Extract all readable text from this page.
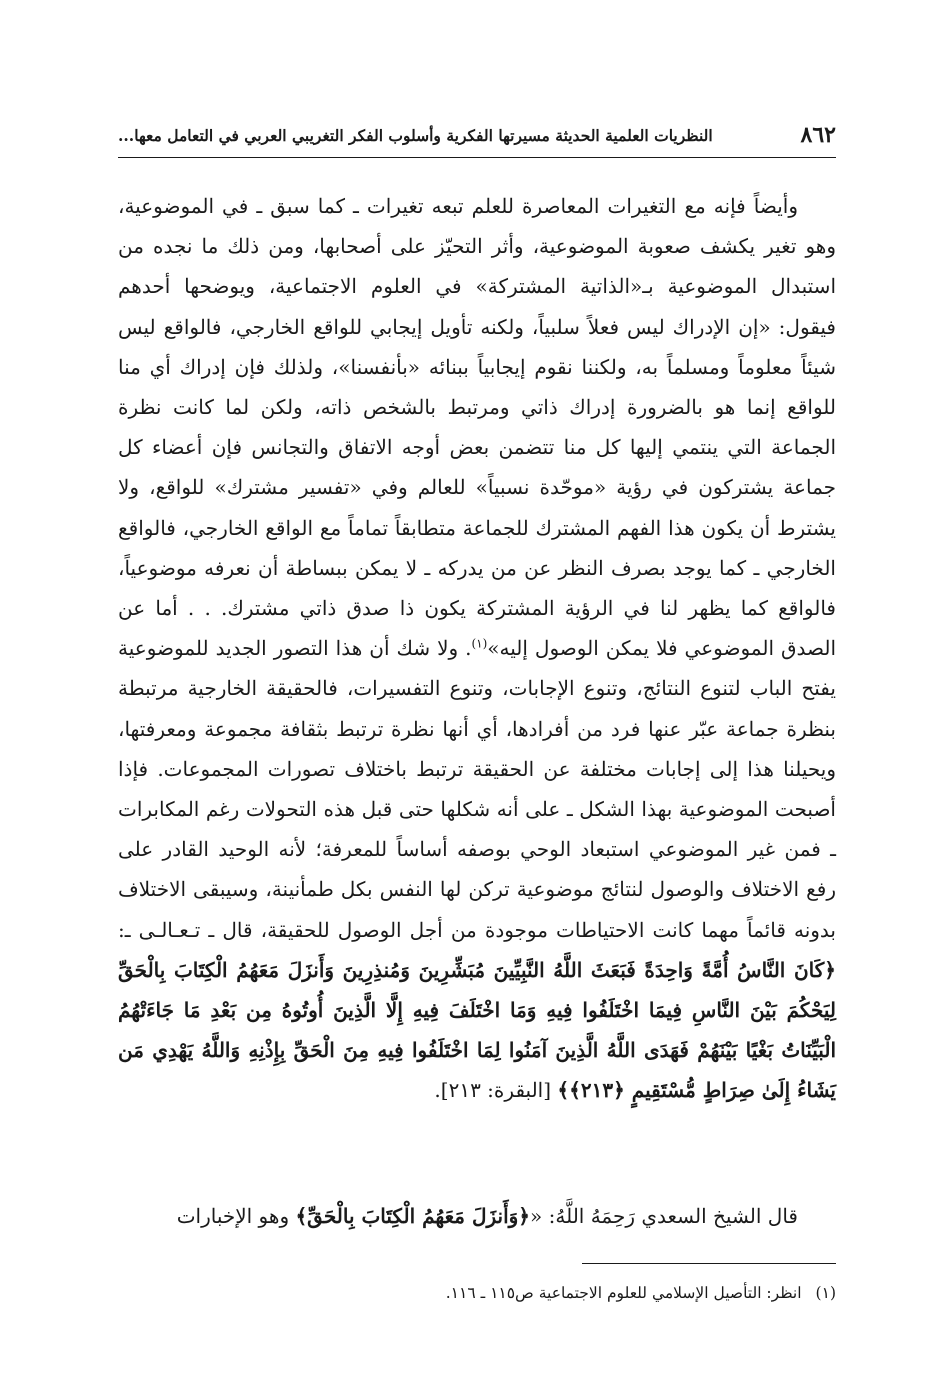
٨٦٢
النظريات العلمية الحديثة مسيرتها الفكرية وأسلوب الفكر التغريبي العربي في التعامل معها...

وأيضاً فإنه مع التغيرات المعاصرة للعلم تبعه تغيرات ـ كما سبق ـ في الموضوعية، وهو تغير يكشف صعوبة الموضوعية، وأثر التحيّز على أصحابها، ومن ذلك ما نجده من استبدال الموضوعية بـ«الذاتية المشتركة» في العلوم الاجتماعية، ويوضحها أحدهم فيقول: «إن الإدراك ليس فعلاً سلبياً، ولكنه تأويل إيجابي للواقع الخارجي، فالواقع ليس شيئاً معلوماً ومسلماً به، ولكننا نقوم إيجابياً ببنائه «بأنفسنا»، ولذلك فإن إدراك أي منا للواقع إنما هو بالضرورة إدراك ذاتي ومرتبط بالشخص ذاته، ولكن لما كانت نظرة الجماعة التي ينتمي إليها كل منا تتضمن بعض أوجه الاتفاق والتجانس فإن أعضاء كل جماعة يشتركون في رؤية «موحّدة نسبياً» للعالم وفي «تفسير مشترك» للواقع، ولا يشترط أن يكون هذا الفهم المشترك للجماعة متطابقاً تماماً مع الواقع الخارجي، فالواقع الخارجي ـ كما يوجد بصرف النظر عن من يدركه ـ لا يمكن ببساطة أن نعرفه موضوعياً، فالواقع كما يظهر لنا في الرؤية المشتركة يكون ذا صدق ذاتي مشترك. . . أما عن الصدق الموضوعي فلا يمكن الوصول إليه»$^{(١)}$. ولا شك أن هذا التصور الجديد للموضوعية يفتح الباب لتنوع النتائج، وتنوع الإجابات، وتنوع التفسيرات، فالحقيقة الخارجية مرتبطة بنظرة جماعة عبّر عنها فرد من أفرادها، أي أنها نظرة ترتبط بثقافة مجموعة ومعرفتها، ويحيلنا هذا إلى إجابات مختلفة عن الحقيقة ترتبط باختلاف تصورات المجموعات. فإذا أصبحت الموضوعية بهذا الشكل ـ على أنه شكلها حتى قبل هذه التحولات رغم المكابرات ـ فمن غير الموضوعي استبعاد الوحي بوصفه أساساً للمعرفة؛ لأنه الوحيد القادر على رفع الاختلاف والوصول لنتائج موضوعية تركن لها النفس بكل طمأنينة، وسيبقى الاختلاف بدونه قائماً مهما كانت الاحتياطات موجودة من أجل الوصول للحقيقة، قال ـ تـعـالـى ـ: ﴿كَانَ النَّاسُ أُمَّةً وَاحِدَةً فَبَعَثَ اللَّهُ النَّبِيِّينَ مُبَشِّرِينَ وَمُنذِرِينَ وَأَنزَلَ مَعَهُمُ الْكِتَابَ بِالْحَقِّ لِيَحْكُمَ بَيْنَ النَّاسِ فِيمَا اخْتَلَفُوا فِيهِ وَمَا اخْتَلَفَ فِيهِ إِلَّا الَّذِينَ أُوتُوهُ مِن بَعْدِ مَا جَاءَتْهُمُ الْبَيِّنَاتُ بَغْيًا بَيْنَهُمْ فَهَدَى اللَّهُ الَّذِينَ آمَنُوا لِمَا اخْتَلَفُوا فِيهِ مِنَ الْحَقِّ بِإِذْنِهِ وَاللَّهُ يَهْدِي مَن يَشَاءُ إِلَىٰ صِرَاطٍ مُّسْتَقِيمٍ ﴿٢١٣﴾﴾ [البقرة: ٢١٣].

قال الشيخ السعدي رَحِمَهُ اللَّهُ: «﴿وَأَنزَلَ مَعَهُمُ الْكِتَابَ بِالْحَقِّ﴾ وهو الإخبارات
(١)انظر: التأصيل الإسلامي للعلوم الاجتماعية ص١١٥ ـ ١١٦.
